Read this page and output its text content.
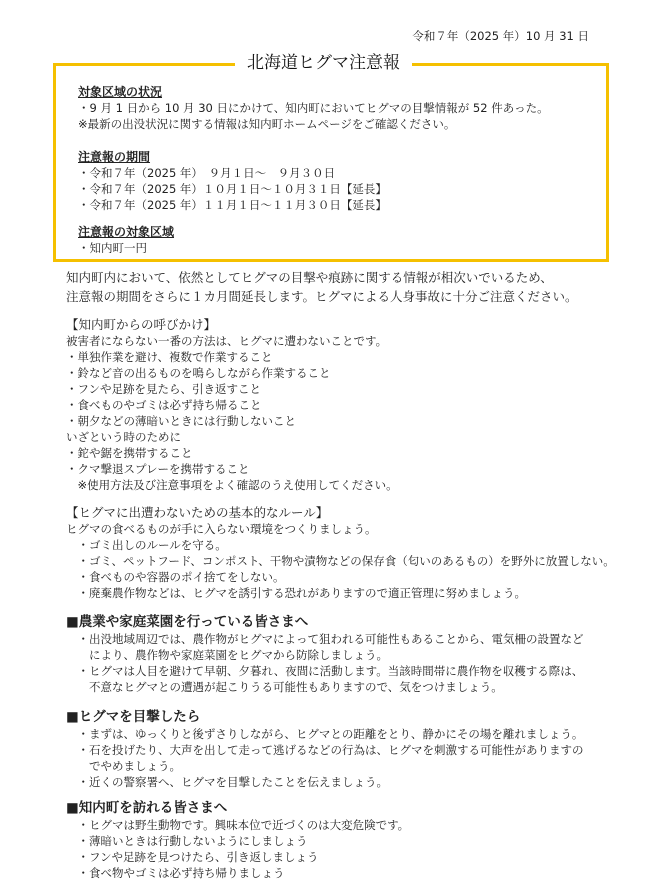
令和７年（2025 年）10 月 31 日
北海道ヒグマ注意報
対象区域の状況
・9 月 1 日から 10 月 30 日にかけて、知内町においてヒグマの目撃情報が 52 件あった。
※最新の出没状況に関する情報は知内町ホームページをご確認ください。
注意報の期間
・令和７年（2025 年）　９月１日～　９月３０日
・令和７年（2025 年）１０月１日～１０月３１日【延長】
・令和７年（2025 年）１１月１日～１１月３０日【延長】
注意報の対象区域
・知内町一円
知内町内において、依然としてヒグマの目撃や痕跡に関する情報が相次いでいるため、
注意報の期間をさらに１カ月間延長します。ヒグマによる人身事故に十分ご注意ください。
【知内町からの呼びかけ】
被害者にならない一番の方法は、ヒグマに遭わないことです。
・単独作業を避け、複数で作業すること
・鈴など音の出るものを鳴らしながら作業すること
・フンや足跡を見たら、引き返すこと
・食べものやゴミは必ず持ち帰ること
・朝夕などの薄暗いときには行動しないこと
いざという時のために
・鉈や鋸を携帯すること
・クマ撃退スプレーを携帯すること
　※使用方法及び注意事項をよく確認のうえ使用してください。
【ヒグマに出遭わないための基本的なルール】
ヒグマの食べるものが手に入らない環境をつくりましょう。
　・ゴミ出しのルールを守る。
　・ゴミ、ペットフード、コンポスト、干物や漬物などの保存食（匂いのあるもの）を野外に放置しない。
　・食べものや容器のポイ捨てをしない。
　・廃棄農作物などは、ヒグマを誘引する恐れがありますので適正管理に努めましょう。
■農業や家庭菜園を行っている皆さまへ
　・出没地域周辺では、農作物がヒグマによって狙われる可能性もあることから、電気柵の設置など
　　により、農作物や家庭菜園をヒグマから防除しましょう。
　・ヒグマは人目を避けて早朝、夕暮れ、夜間に活動します。当該時間帯に農作物を収穫する際は、
　　不意なヒグマとの遭遇が起こりうる可能性もありますので、気をつけましょう。
■ヒグマを目撃したら
　・まずは、ゆっくりと後ずさりしながら、ヒグマとの距離をとり、静かにその場を離れましょう。
　・石を投げたり、大声を出して走って逃げるなどの行為は、ヒグマを刺激する可能性がありますの
　　でやめましょう。
　・近くの警察署へ、ヒグマを目撃したことを伝えましょう。
■知内町を訪れる皆さまへ
　・ヒグマは野生動物です。興味本位で近づくのは大変危険です。
　・薄暗いときは行動しないようにしましょう
　・フンや足跡を見つけたら、引き返しましょう
　・食べ物やゴミは必ず持ち帰りましょう
